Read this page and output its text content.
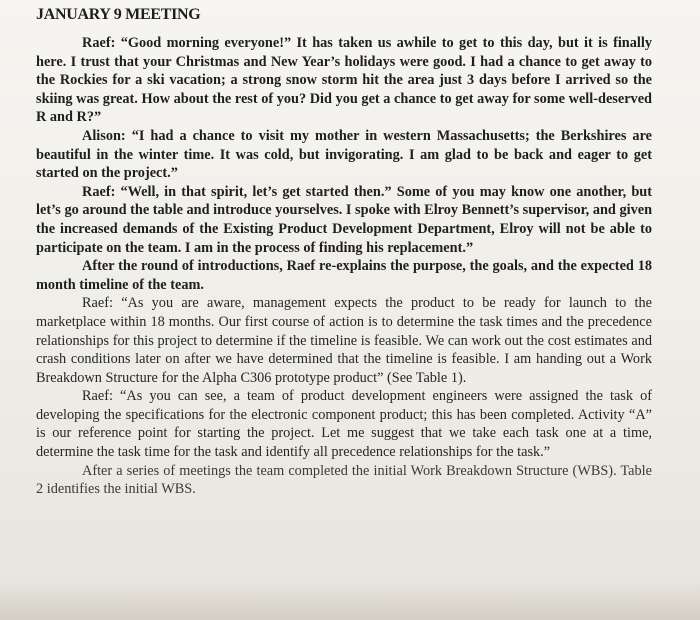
JANUARY 9 MEETING

Raef: “Good morning everyone!” It has taken us awhile to get to this day, but it is finally here. I trust that your Christmas and New Year’s holidays were good. I had a chance to get away to the Rockies for a ski vacation; a strong snow storm hit the area just 3 days before I arrived so the skiing was great. How about the rest of you? Did you get a chance to get away for some well-deserved R and R?”

Alison: “I had a chance to visit my mother in western Massachusetts; the Berkshires are beautiful in the winter time. It was cold, but invigorating. I am glad to be back and eager to get started on the project.”

Raef: “Well, in that spirit, let’s get started then.” Some of you may know one another, but let’s go around the table and introduce yourselves. I spoke with Elroy Bennett’s supervisor, and given the increased demands of the Existing Product Development Department, Elroy will not be able to participate on the team. I am in the process of finding his replacement.”

After the round of introductions, Raef re-explains the purpose, the goals, and the expected 18 month timeline of the team.

Raef: “As you are aware, management expects the product to be ready for launch to the marketplace within 18 months. Our first course of action is to determine the task times and the precedence relationships for this project to determine if the timeline is feasible. We can work out the cost estimates and crash conditions later on after we have determined that the timeline is feasible. I am handing out a Work Breakdown Structure for the Alpha C306 prototype product” (See Table 1).

Raef: “As you can see, a team of product development engineers were assigned the task of developing the specifications for the electronic component product; this has been completed. Activity “A” is our reference point for starting the project. Let me suggest that we take each task one at a time, determine the task time for the task and identify all precedence relationships for the task.”

After a series of meetings the team completed the initial Work Breakdown Structure (WBS). Table 2 identifies the initial WBS.
